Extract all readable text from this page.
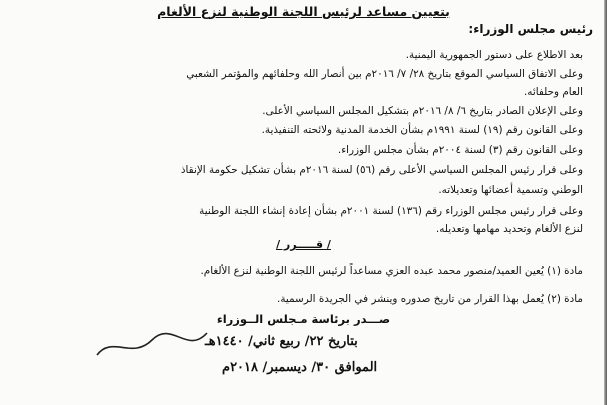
بتعيين مساعد لرئيس اللجنة الوطنية لنزع الألغام
رئيس مجلس الوزراء:
بعد الاطلاع على دستور الجمهورية اليمنية.
وعلى الاتفاق السياسي الموقع بتاريخ ٢٨/ ٧/ ٢٠١٦م بين أنصار الله وحلفائهم والمؤتمر الشعبي
العام وحلفائه.
وعلى الإعلان الصادر بتاريخ ٦/ ٨/ ٢٠١٦م بتشكيل المجلس السياسي الأعلى.
وعلى القانون رقم (١٩) لسنة ١٩٩١م بشأن الخدمة المدنية ولائحته التنفيذية.
وعلى القانون رقم (٣) لسنة ٢٠٠٤م بشأن مجلس الوزراء.
وعلى قرار رئيس المجلس السياسي الأعلى رقم (٥٦) لسنة ٢٠١٦م بشأن تشكيل حكومة الإنقاذ
الوطني وتسمية أعضائها وتعديلاته.
وعلى قرار رئيس مجلس الوزراء رقم (١٣٦) لسنة ٢٠٠١م بشأن إعادة إنشاء اللجنة الوطنية
لنزع الألغام وتحديد مهامها وتعديله.
/ قـــــرر /
مادة (١) يُعين العميد/منصور محمد عبده العزي مساعداً لرئيس اللجنة الوطنية لنزع الألغام.
مادة (٢) يُعمل بهذا القرار من تاريخ صدوره وينشر في الجريدة الرسمية.
صـــدر برئاسة مـجلس الــوزراء
بتاريخ ٢٢/ ربيع ثاني/ ١٤٤٠هـ
الموافق ٣٠/ ديسمبر/ ٢٠١٨م
